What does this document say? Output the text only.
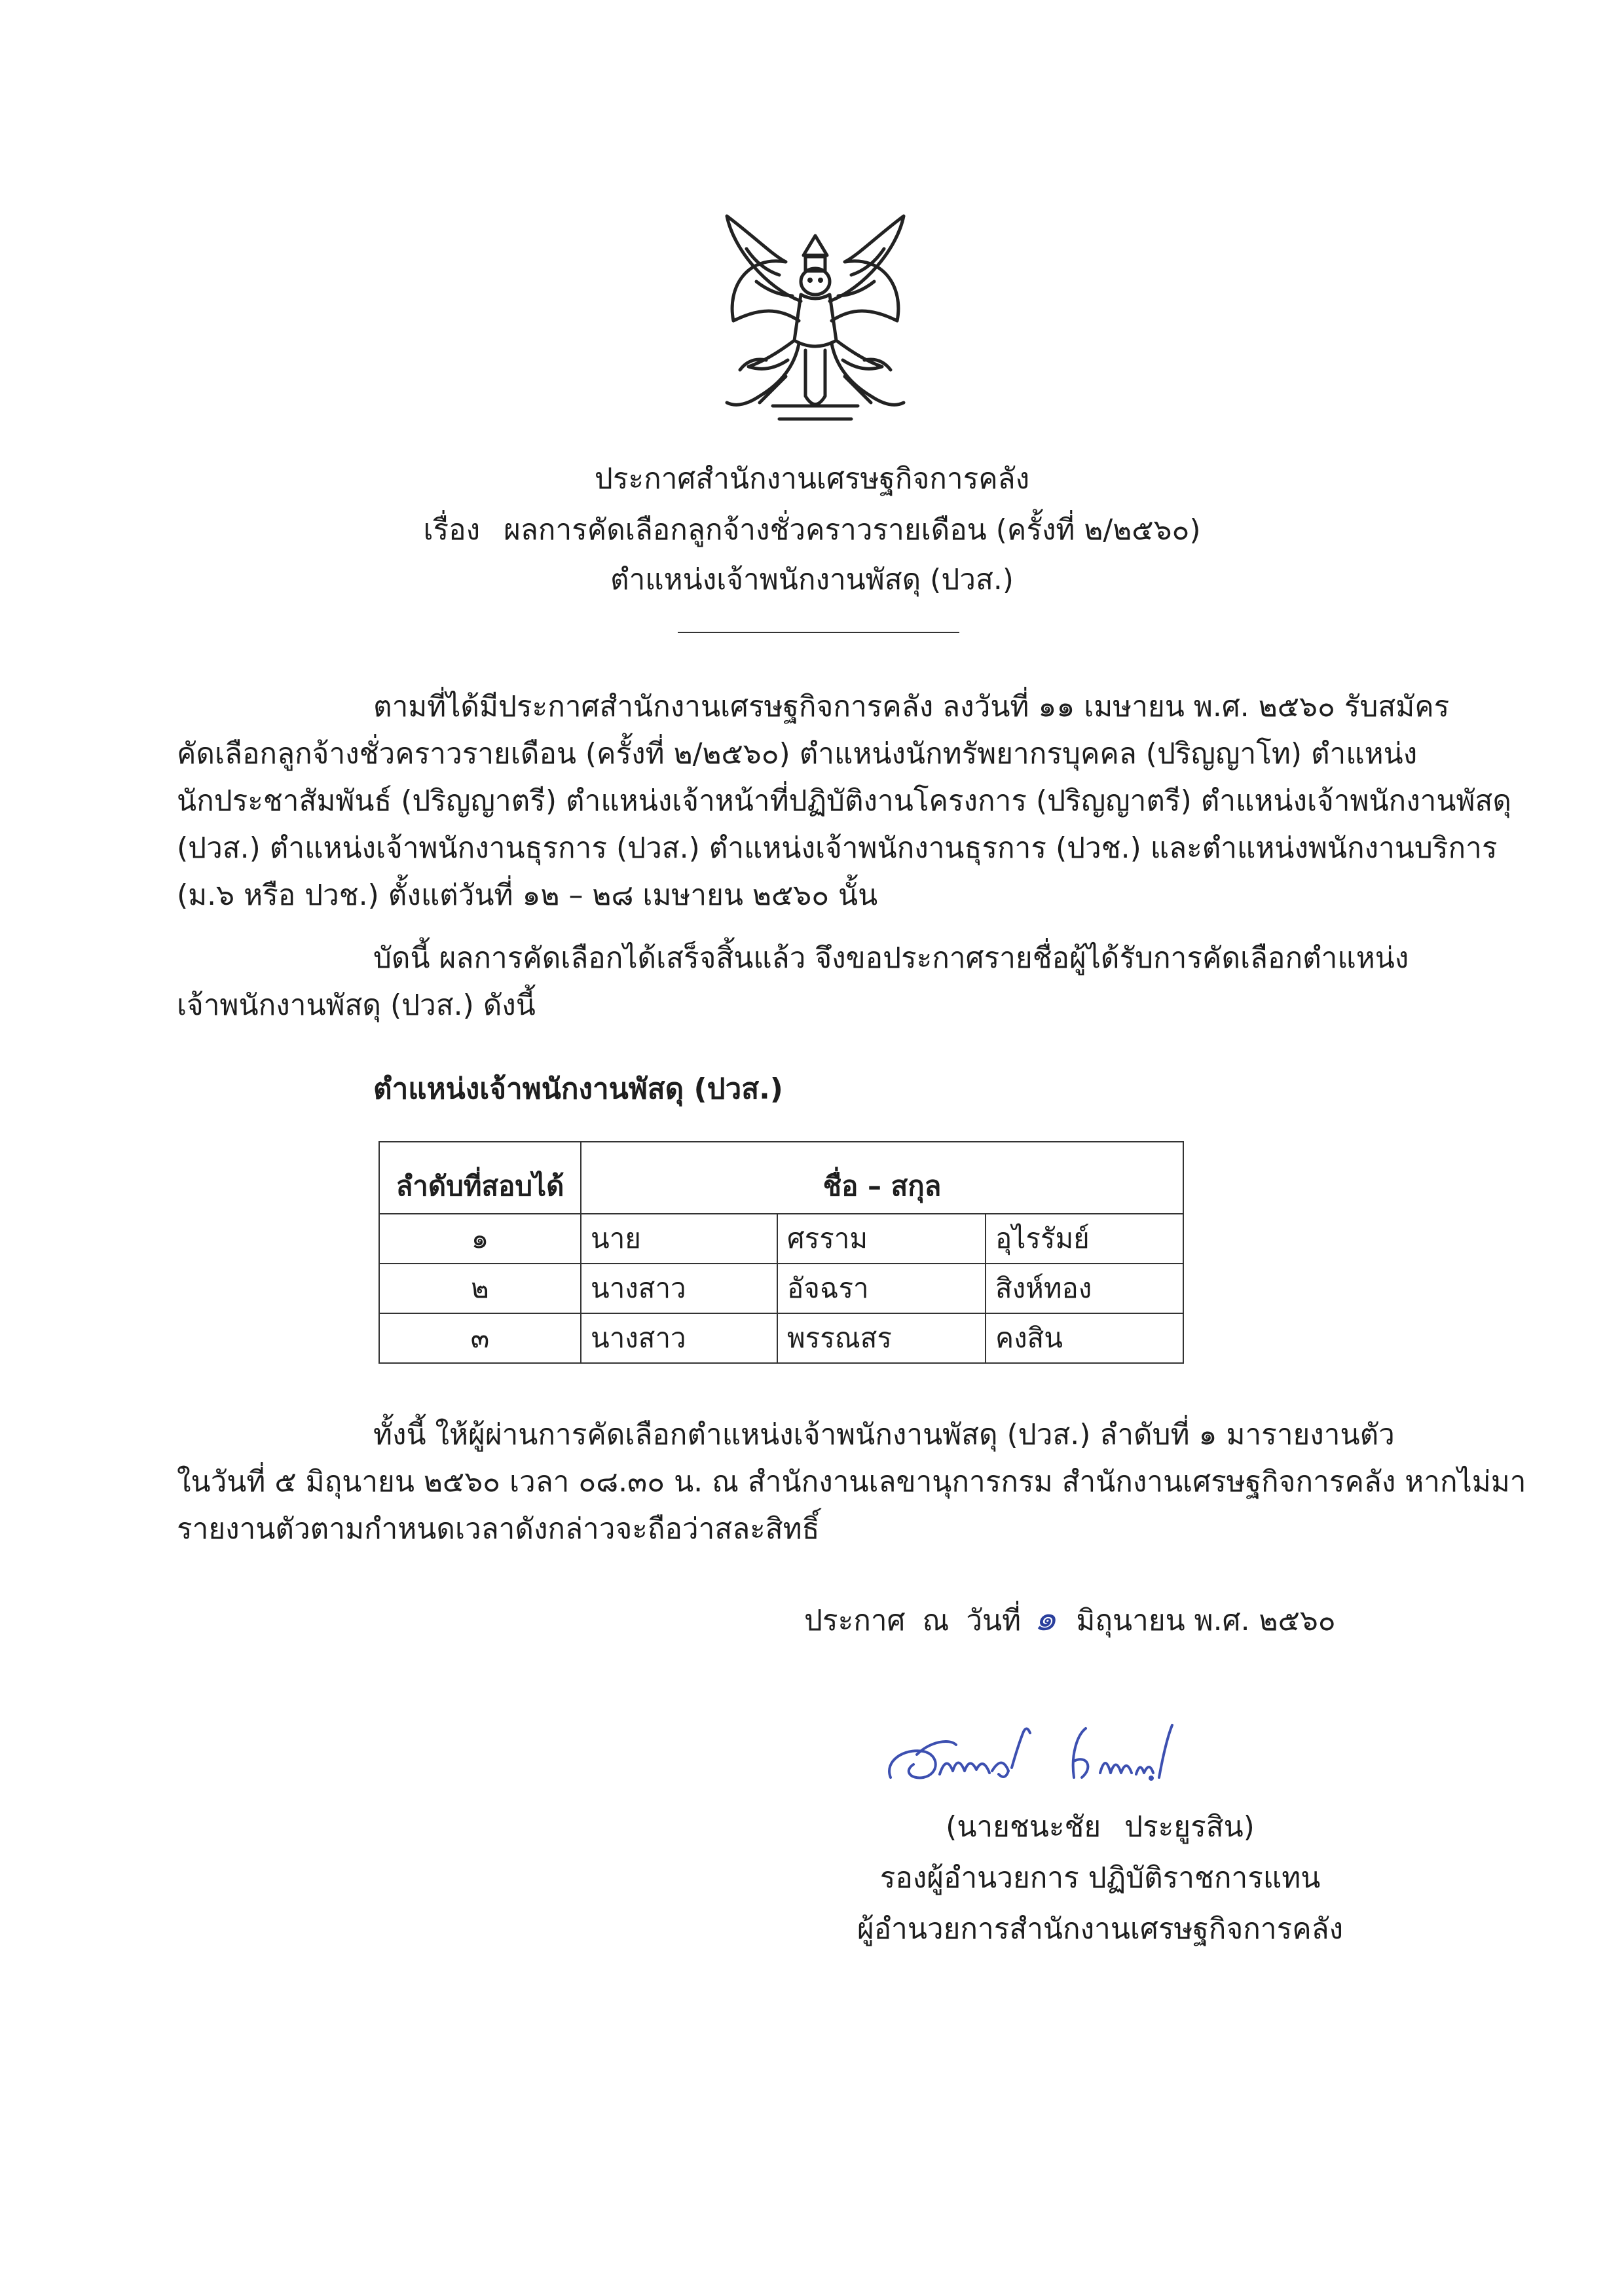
ประกาศสำนักงานเศรษฐกิจการคลัง
เรื่อง ผลการคัดเลือกลูกจ้างชั่วคราวรายเดือน (ครั้งที่ ๒/๒๕๖๐)
ตำแหน่งเจ้าพนักงานพัสดุ (ปวส.)
ตามที่ได้มีประกาศสำนักงานเศรษฐกิจการคลัง ลงวันที่ ๑๑ เมษายน พ.ศ. ๒๕๖๐ รับสมัคร
คัดเลือกลูกจ้างชั่วคราวรายเดือน (ครั้งที่ ๒/๒๕๖๐) ตำแหน่งนักทรัพยากรบุคคล (ปริญญาโท) ตำแหน่ง
นักประชาสัมพันธ์ (ปริญญาตรี) ตำแหน่งเจ้าหน้าที่ปฏิบัติงานโครงการ (ปริญญาตรี) ตำแหน่งเจ้าพนักงานพัสดุ
(ปวส.) ตำแหน่งเจ้าพนักงานธุรการ (ปวส.) ตำแหน่งเจ้าพนักงานธุรการ (ปวช.) และตำแหน่งพนักงานบริการ
(ม.๖ หรือ ปวช.) ตั้งแต่วันที่ ๑๒ – ๒๘ เมษายน ๒๕๖๐ นั้น
บัดนี้ ผลการคัดเลือกได้เสร็จสิ้นแล้ว จึงขอประกาศรายชื่อผู้ได้รับการคัดเลือกตำแหน่ง
เจ้าพนักงานพัสดุ (ปวส.) ดังนี้
ตำแหน่งเจ้าพนักงานพัสดุ (ปวส.)
ลำดับที่สอบได้	ชื่อ – สกุล		
๑	นาย	ศรราม	อุไรรัมย์
๒	นางสาว	อัจฉรา	สิงห์ทอง
๓	นางสาว	พรรณสร	คงสิน
ทั้งนี้ ให้ผู้ผ่านการคัดเลือกตำแหน่งเจ้าพนักงานพัสดุ (ปวส.) ลำดับที่ ๑ มารายงานตัว
ในวันที่ ๕ มิถุนายน ๒๕๖๐ เวลา ๐๘.๓๐ น. ณ สำนักงานเลขานุการกรม สำนักงานเศรษฐกิจการคลัง หากไม่มา
รายงานตัวตามกำหนดเวลาดังกล่าวจะถือว่าสละสิทธิ์
ประกาศ ณ วันที่ ๑ มิถุนายน พ.ศ. ๒๕๖๐
(นายชนะชัย ประยูรสิน)
รองผู้อำนวยการ ปฏิบัติราชการแทน
ผู้อำนวยการสำนักงานเศรษฐกิจการคลัง
